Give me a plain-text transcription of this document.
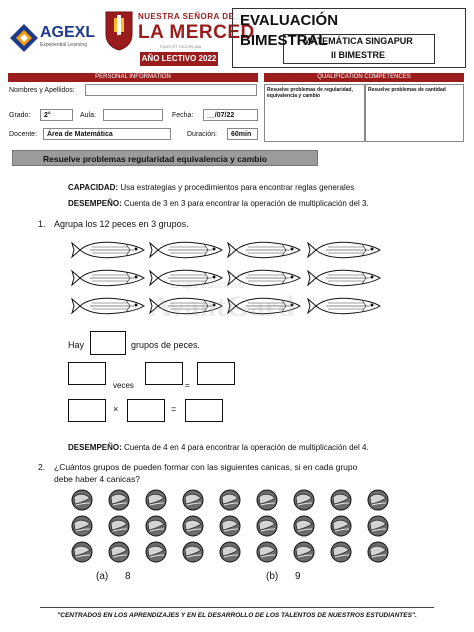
AGEXL
Experiential Learning
NUESTRA SEÑORA DE
LA MERCED
FIDES ET DISCIPLINA
AÑO LECTIVO 2022
EVALUACIÓN
BIMESTRAL
MATEMÁTICA SINGAPUR
II BIMESTRE
PERSONAL INFORMATION	QUALIFICATION COMPETENCES
Nombres y Apellidos:
Grado:	2°	Aula:	Fecha:	__/07/22
Docente:	Área de Matemática	Duración:	60min
Resuelve problemas de regularidad, equivalencia y cambio
Resuelve problemas de cantidad
Resuelve problemas regularidad equivalencia y cambio
CAPACIDAD: Usa estrategias y procedimientos para encontrar reglas generales
DESEMPEÑO: Cuenta de 3 en 3 para encontrar la operación de multiplicación del 3.
1. Agrupa los 12 peces en 3 grupos.
Grupo Educativo
AvantGard
Hay	grupos de peces.
veces	=
×	=
DESEMPEÑO: Cuenta de 4 en 4 para encontrar la operación de multiplicación del 4.
2. ¿Cuántos grupos de pueden formar con las siguientes canicas, si en cada grupo
debe haber 4 canicas?
(a) 8	(b) 9
"CENTRADOS EN LOS APRENDIZAJES Y EN EL DESARROLLO DE LOS TALENTOS DE NUESTROS ESTUDIANTES".
